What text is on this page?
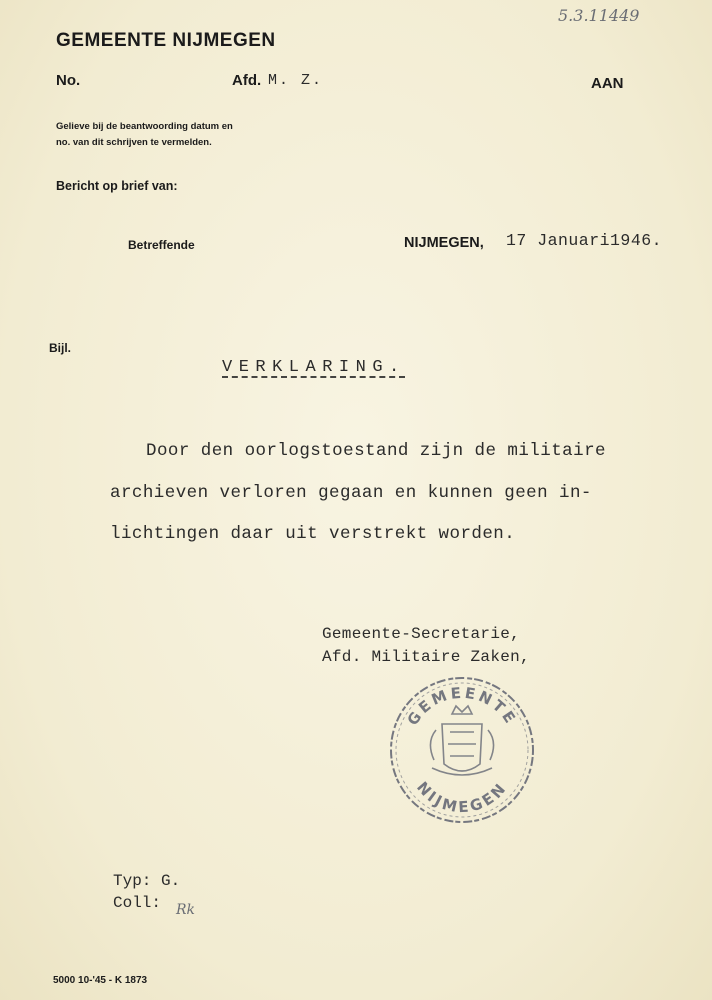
GEMEENTE NIJMEGEN
No.	Afd. M. Z.	AAN
Gelieve bij de beantwoording datum en
no. van dit schrijven te vermelden.
Bericht op brief van:
Betreffende	NIJMEGEN, 17 Januari1946.
Bijl.
5.3.11449
VERKLARING.
Door den oorlogstoestand zijn de militaire
archieven verloren gegaan en kunnen geen in-
lichtingen daar uit verstrekt worden.
Gemeente-Secretarie,
Afd. Militaire Zaken,
GEMEENTE
NIJMEGEN
Typ: G.
Coll: Rk
5000 10-'45 - K 1873
